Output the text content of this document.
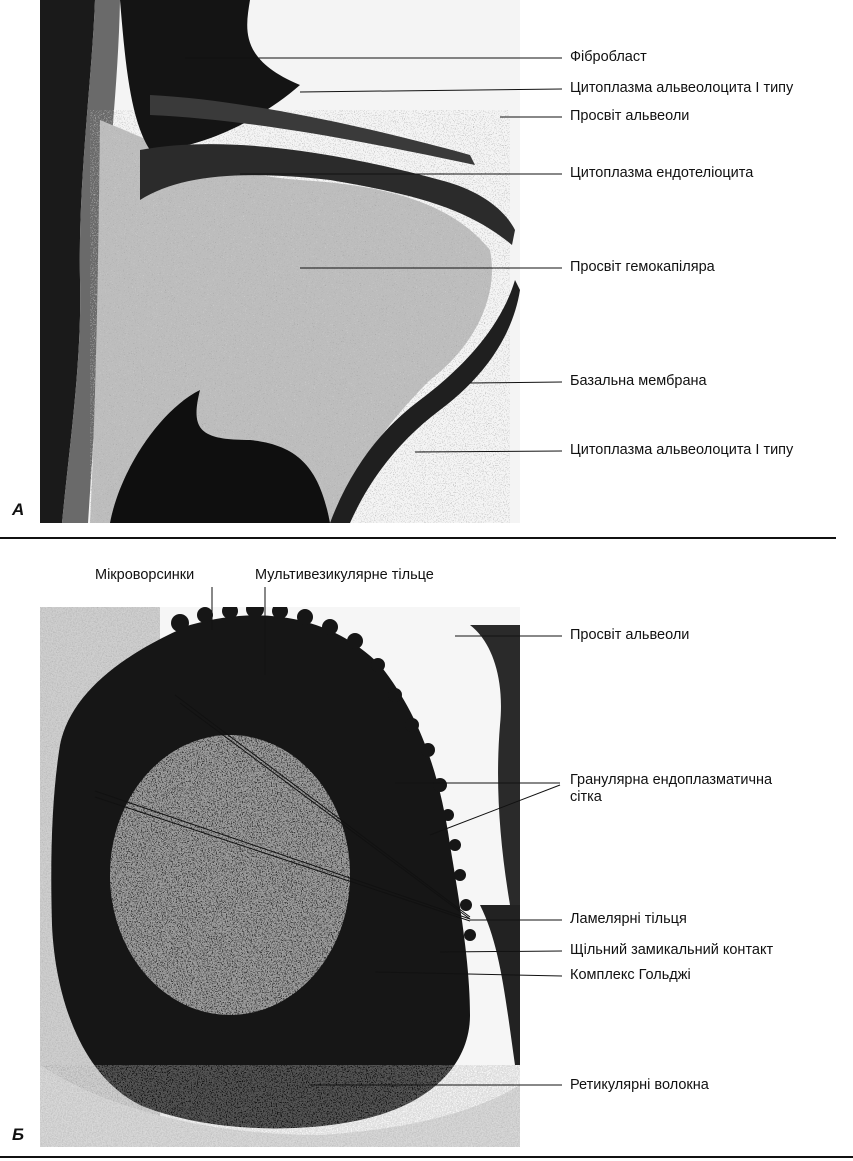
Фібробласт
Цитоплазма альвеолоцита І типу
Просвіт альвеоли
Цитоплазма ендотеліоцита
Просвіт гемокапіляра
Базальна мембрана
Цитоплазма альвеолоцита І типу
А
Мікроворсинки	Мультивезикулярне тільце
Просвіт альвеоли
Гранулярна ендоплазматична сітка
Ламелярні тільця
Щільний замикальний контакт
Комплекс Гольджі
Ретикулярні волокна
Б
